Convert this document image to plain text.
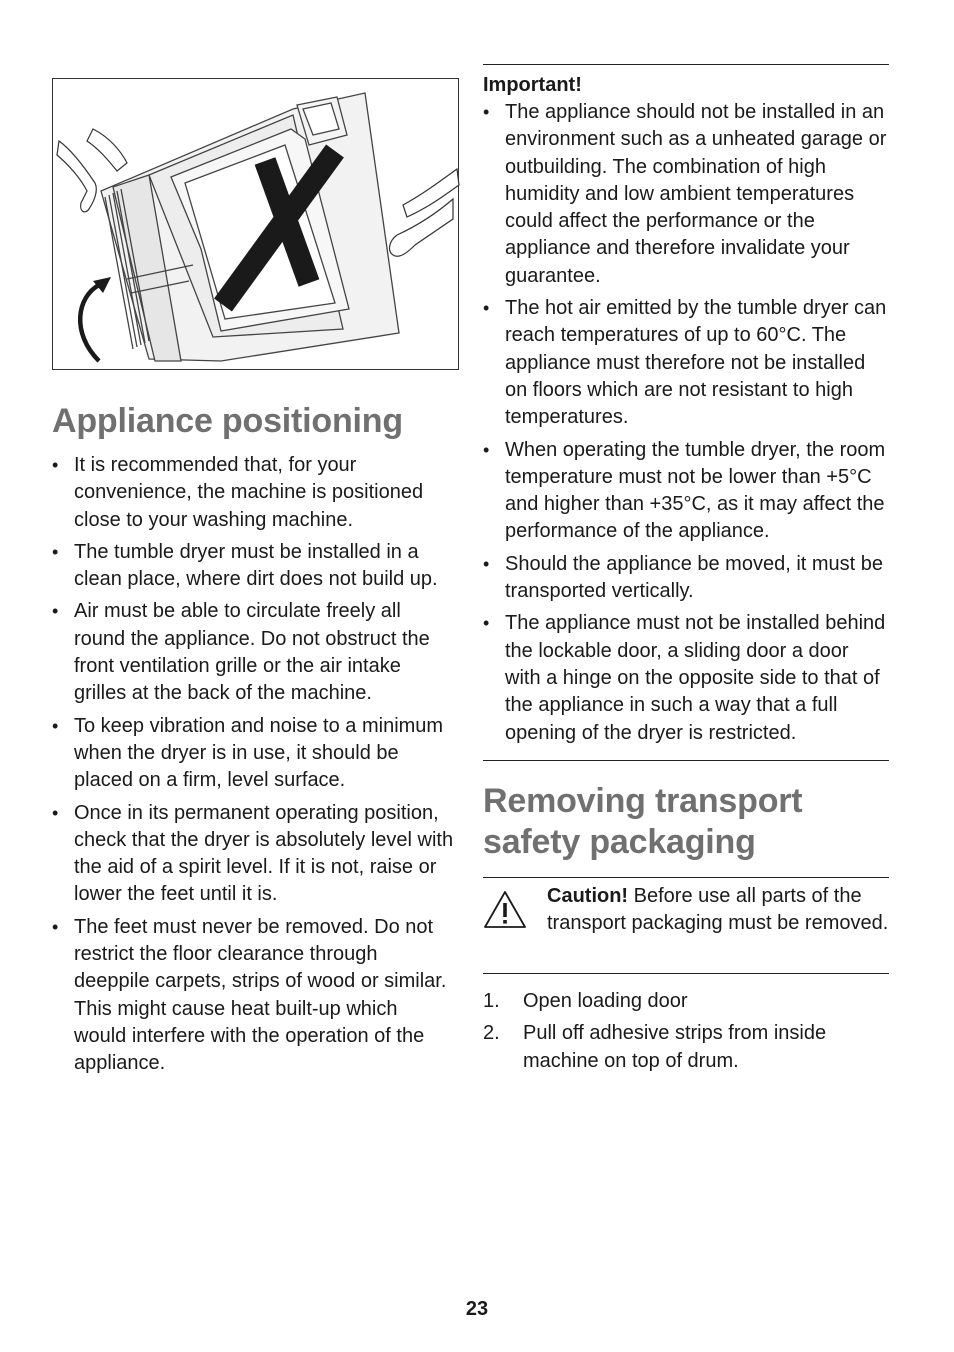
Appliance positioning
• It is recommended that, for your convenience, the machine is positioned close to your washing machine.
• The tumble dryer must be installed in a clean place, where dirt does not build up.
• Air must be able to circulate freely all round the appliance. Do not obstruct the front ventilation grille or the air intake grilles at the back of the machine.
• To keep vibration and noise to a minimum when the dryer is in use, it should be placed on a firm, level surface.
• Once in its permanent operating position, check that the dryer is absolutely level with the aid of a spirit level. If it is not, raise or lower the feet until it is.
• The feet must never be removed. Do not restrict the floor clearance through deeppile carpets, strips of wood or similar. This might cause heat built-up which would interfere with the operation of the appliance.
Important!
• The appliance should not be installed in an environment such as a unheated garage or outbuilding. The combination of high humidity and low ambient temperatures could affect the performance or the appliance and therefore invalidate your guarantee.
• The hot air emitted by the tumble dryer can reach temperatures of up to 60°C. The appliance must therefore not be installed on floors which are not resistant to high temperatures.
• When operating the tumble dryer, the room temperature must not be lower than +5°C and higher than +35°C, as it may affect the performance of the appliance.
• Should the appliance be moved, it must be transported vertically.
• The appliance must not be installed behind the lockable door, a sliding door a door with a hinge on the opposite side to that of the appliance in such a way that a full opening of the dryer is restricted.
Removing transport safety packaging
Caution! Before use all parts of the transport packaging must be removed.
1. Open loading door
2. Pull off adhesive strips from inside machine on top of drum.
23
